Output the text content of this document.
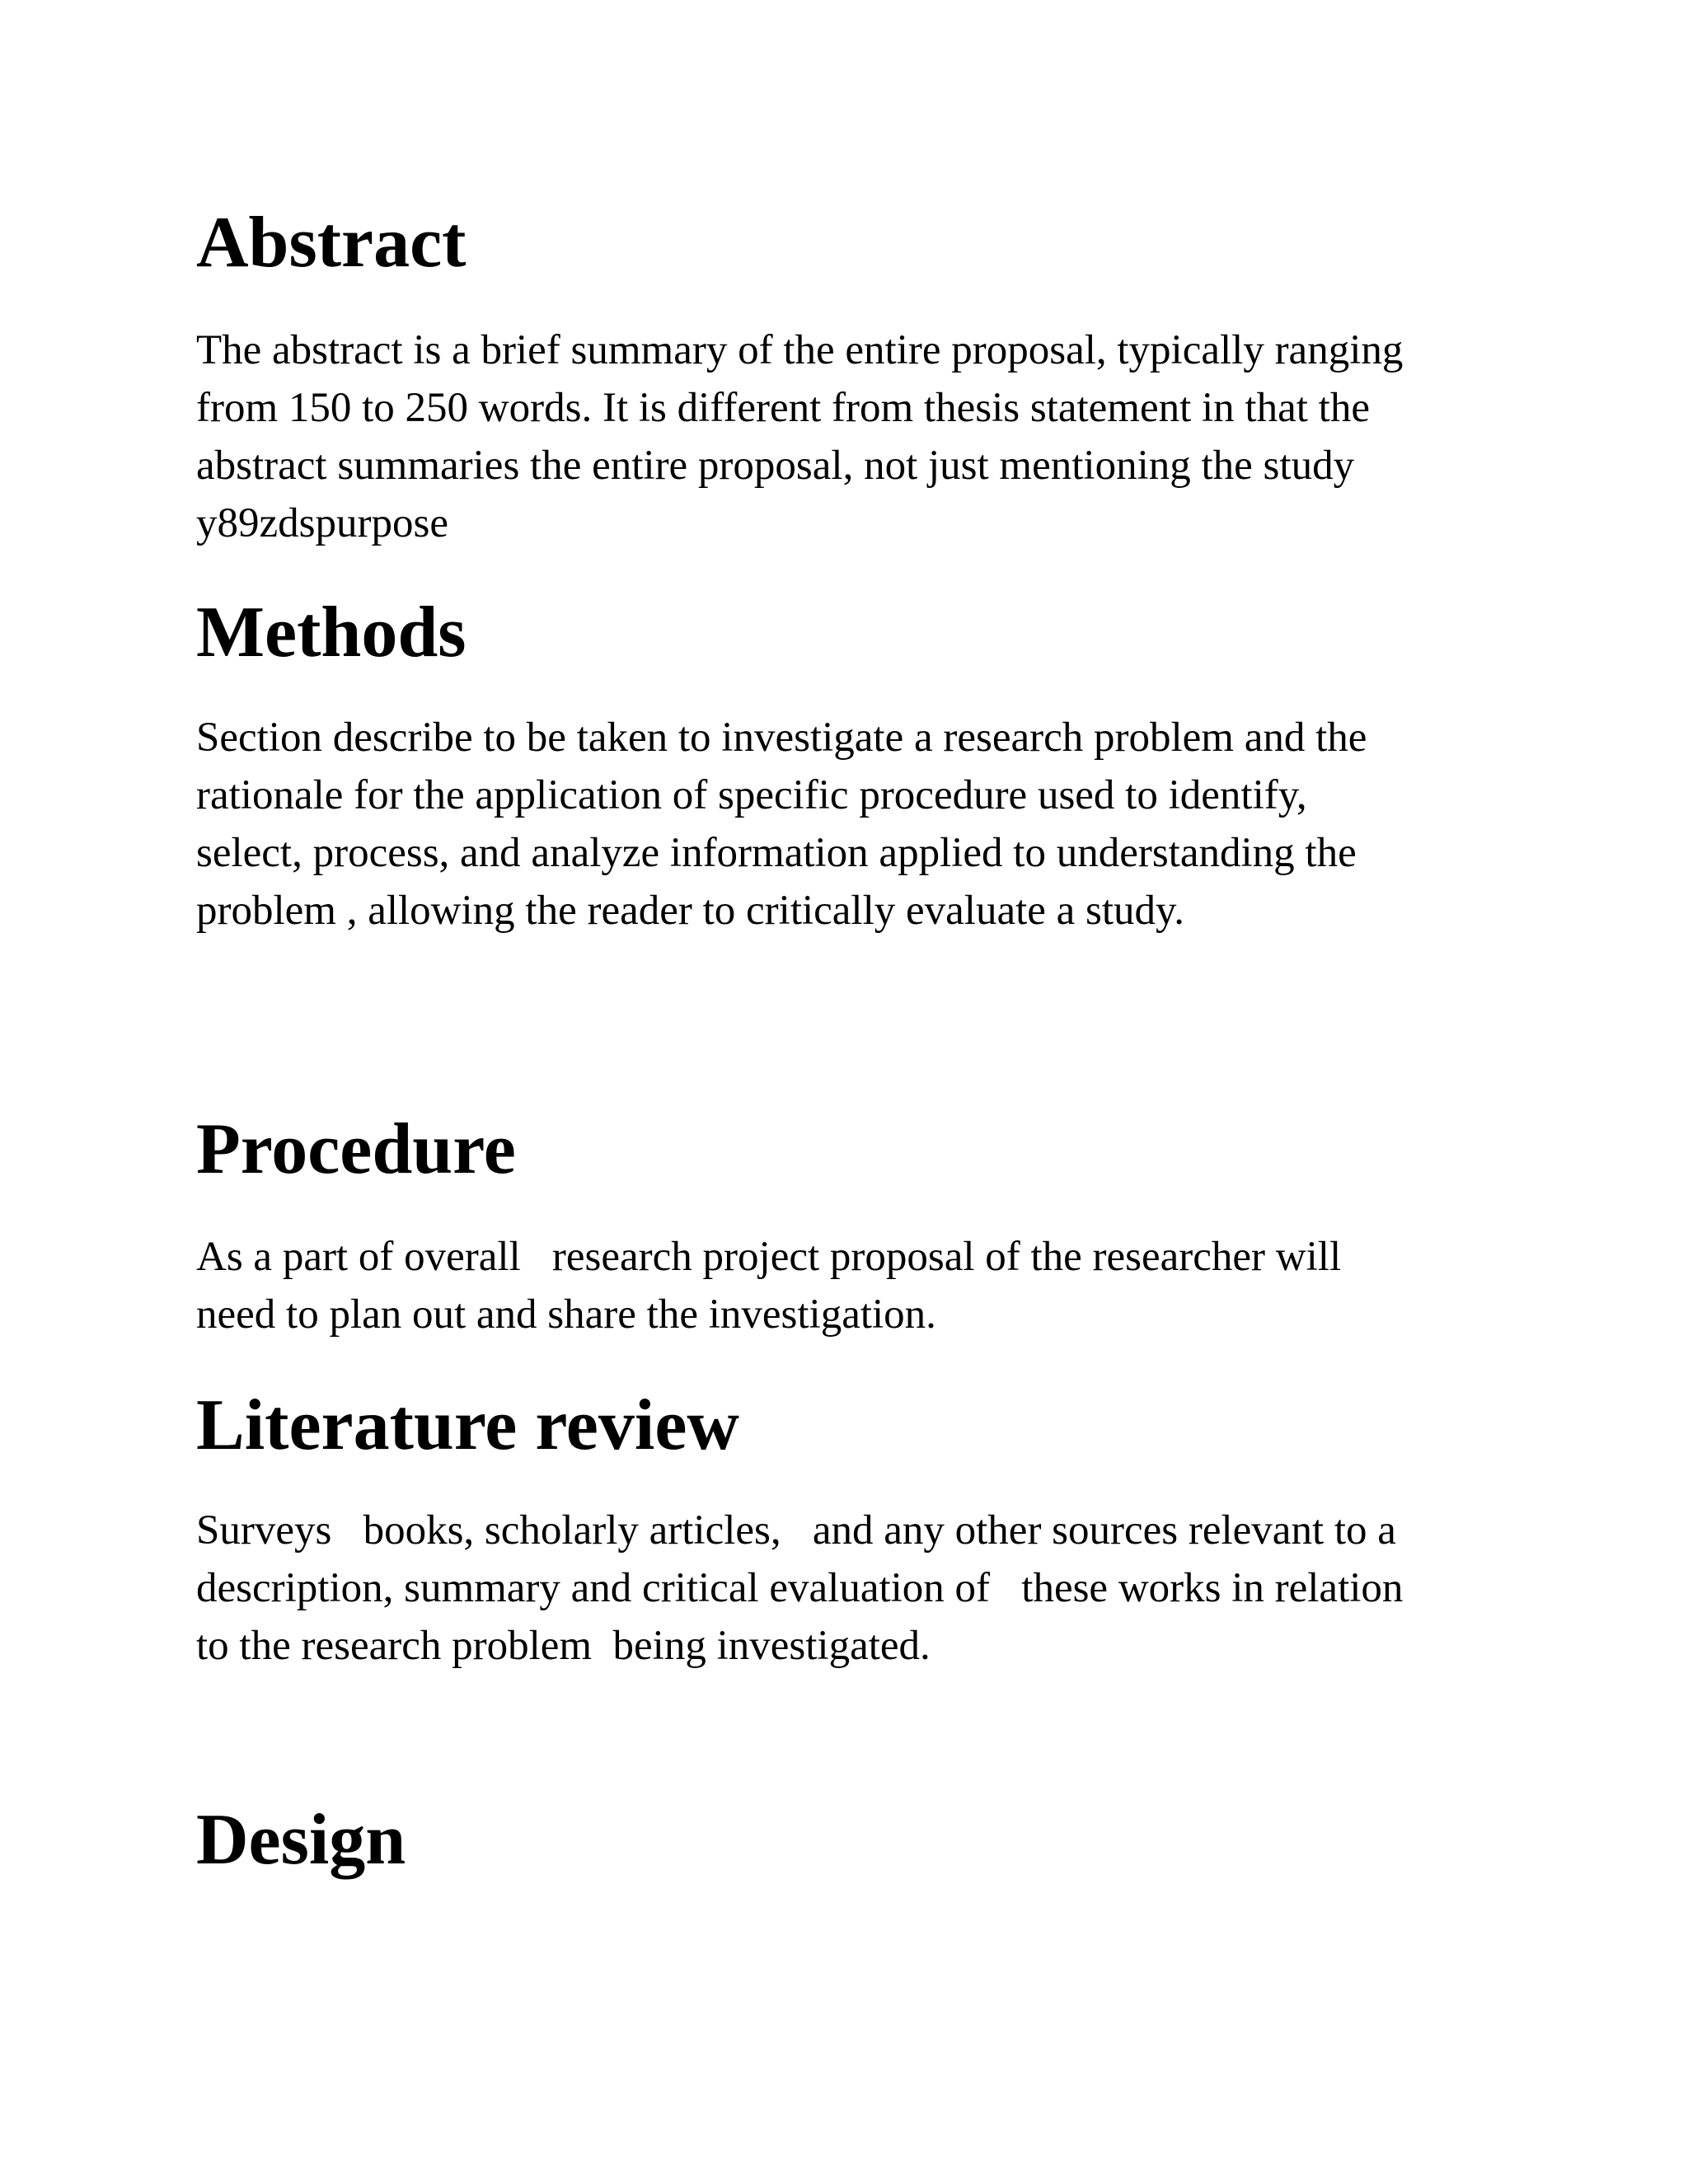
Abstract

The abstract is a brief summary of the entire proposal, typically ranging
from 150 to 250 words. It is different from thesis statement in that the
abstract summaries the entire proposal, not just mentioning the study
y89zdspurpose

Methods

Section describe to be taken to investigate a research problem and the
rationale for the application of specific procedure used to identify,
select, process, and analyze information applied to understanding the
problem , allowing the reader to critically evaluate a study.

Procedure

As a part of overall   research project proposal of the researcher will
need to plan out and share the investigation.

Literature review

Surveys   books, scholarly articles,   and any other sources relevant to a
description, summary and critical evaluation of   these works in relation
to the research problem  being investigated.

Design
